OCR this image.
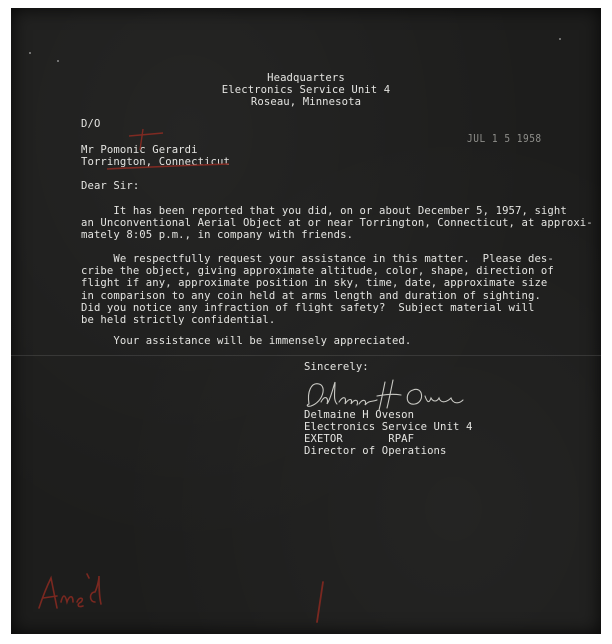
Headquarters
Electronics Service Unit 4
Roseau, Minnesota
D/O
JUL 1 5 1958
Mr Pomonic Gerardi
Torrington, Connecticut
Dear Sir:
It has been reported that you did, on or about December 5, 1957, sight
an Unconventional Aerial Object at or near Torrington, Connecticut, at approxi-
mately 8:05 p.m., in company with friends.
We respectfully request your assistance in this matter.  Please des-
cribe the object, giving approximate altitude, color, shape, direction of
flight if any, approximate position in sky, time, date, approximate size
in comparison to any coin held at arms length and duration of sighting.
Did you notice any infraction of flight safety?  Subject material will
be held strictly confidential.
Your assistance will be immensely appreciated.
Sincerely:
Delmaine H Oveson
Electronics Service Unit 4
EXETOR       RPAF
Director of Operations
